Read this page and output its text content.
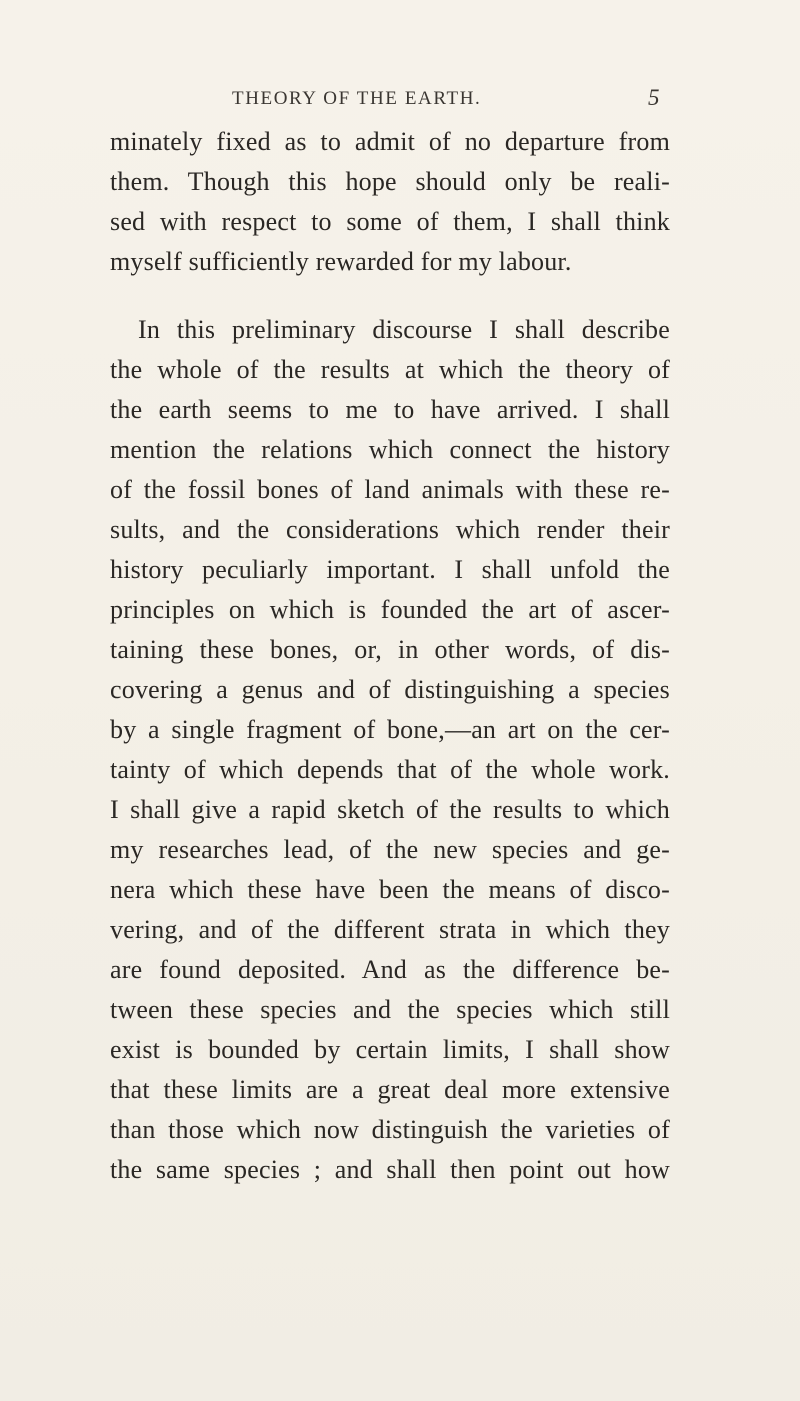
THEORY OF THE EARTH.	5
minately fixed as to admit of no departure from
them. Though this hope should only be reali-
sed with respect to some of them, I shall think
myself sufficiently rewarded for my labour.
In this preliminary discourse I shall describe
the whole of the results at which the theory of
the earth seems to me to have arrived. I shall
mention the relations which connect the history
of the fossil bones of land animals with these re-
sults, and the considerations which render their
history peculiarly important. I shall unfold the
principles on which is founded the art of ascer-
taining these bones, or, in other words, of dis-
covering a genus and of distinguishing a species
by a single fragment of bone,—an art on the cer-
tainty of which depends that of the whole work.
I shall give a rapid sketch of the results to which
my researches lead, of the new species and ge-
nera which these have been the means of disco-
vering, and of the different strata in which they
are found deposited. And as the difference be-
tween these species and the species which still
exist is bounded by certain limits, I shall show
that these limits are a great deal more extensive
than those which now distinguish the varieties of
the same species ; and shall then point out how
